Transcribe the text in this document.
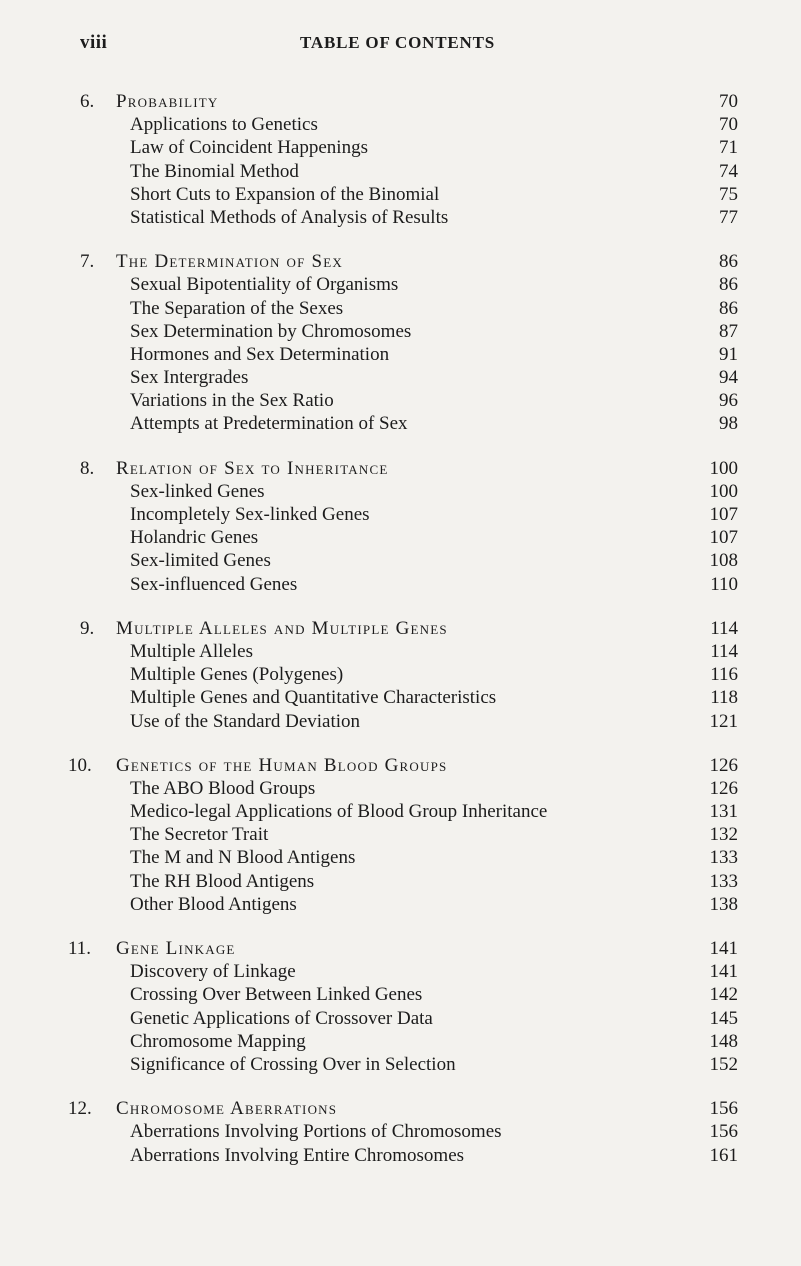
viii	TABLE OF CONTENTS
6. Probability	70
Applications to Genetics	70
Law of Coincident Happenings	71
The Binomial Method	74
Short Cuts to Expansion of the Binomial	75
Statistical Methods of Analysis of Results	77
7. The Determination of Sex	86
Sexual Bipotentiality of Organisms	86
The Separation of the Sexes	86
Sex Determination by Chromosomes	87
Hormones and Sex Determination	91
Sex Intergrades	94
Variations in the Sex Ratio	96
Attempts at Predetermination of Sex	98
8. Relation of Sex to Inheritance	100
Sex-linked Genes	100
Incompletely Sex-linked Genes	107
Holandric Genes	107
Sex-limited Genes	108
Sex-influenced Genes	110
9. Multiple Alleles and Multiple Genes	114
Multiple Alleles	114
Multiple Genes (Polygenes)	116
Multiple Genes and Quantitative Characteristics	118
Use of the Standard Deviation	121
10. Genetics of the Human Blood Groups	126
The ABO Blood Groups	126
Medico-legal Applications of Blood Group Inheritance	131
The Secretor Trait	132
The M and N Blood Antigens	133
The RH Blood Antigens	133
Other Blood Antigens	138
11. Gene Linkage	141
Discovery of Linkage	141
Crossing Over Between Linked Genes	142
Genetic Applications of Crossover Data	145
Chromosome Mapping	148
Significance of Crossing Over in Selection	152
12. Chromosome Aberrations	156
Aberrations Involving Portions of Chromosomes	156
Aberrations Involving Entire Chromosomes	161
